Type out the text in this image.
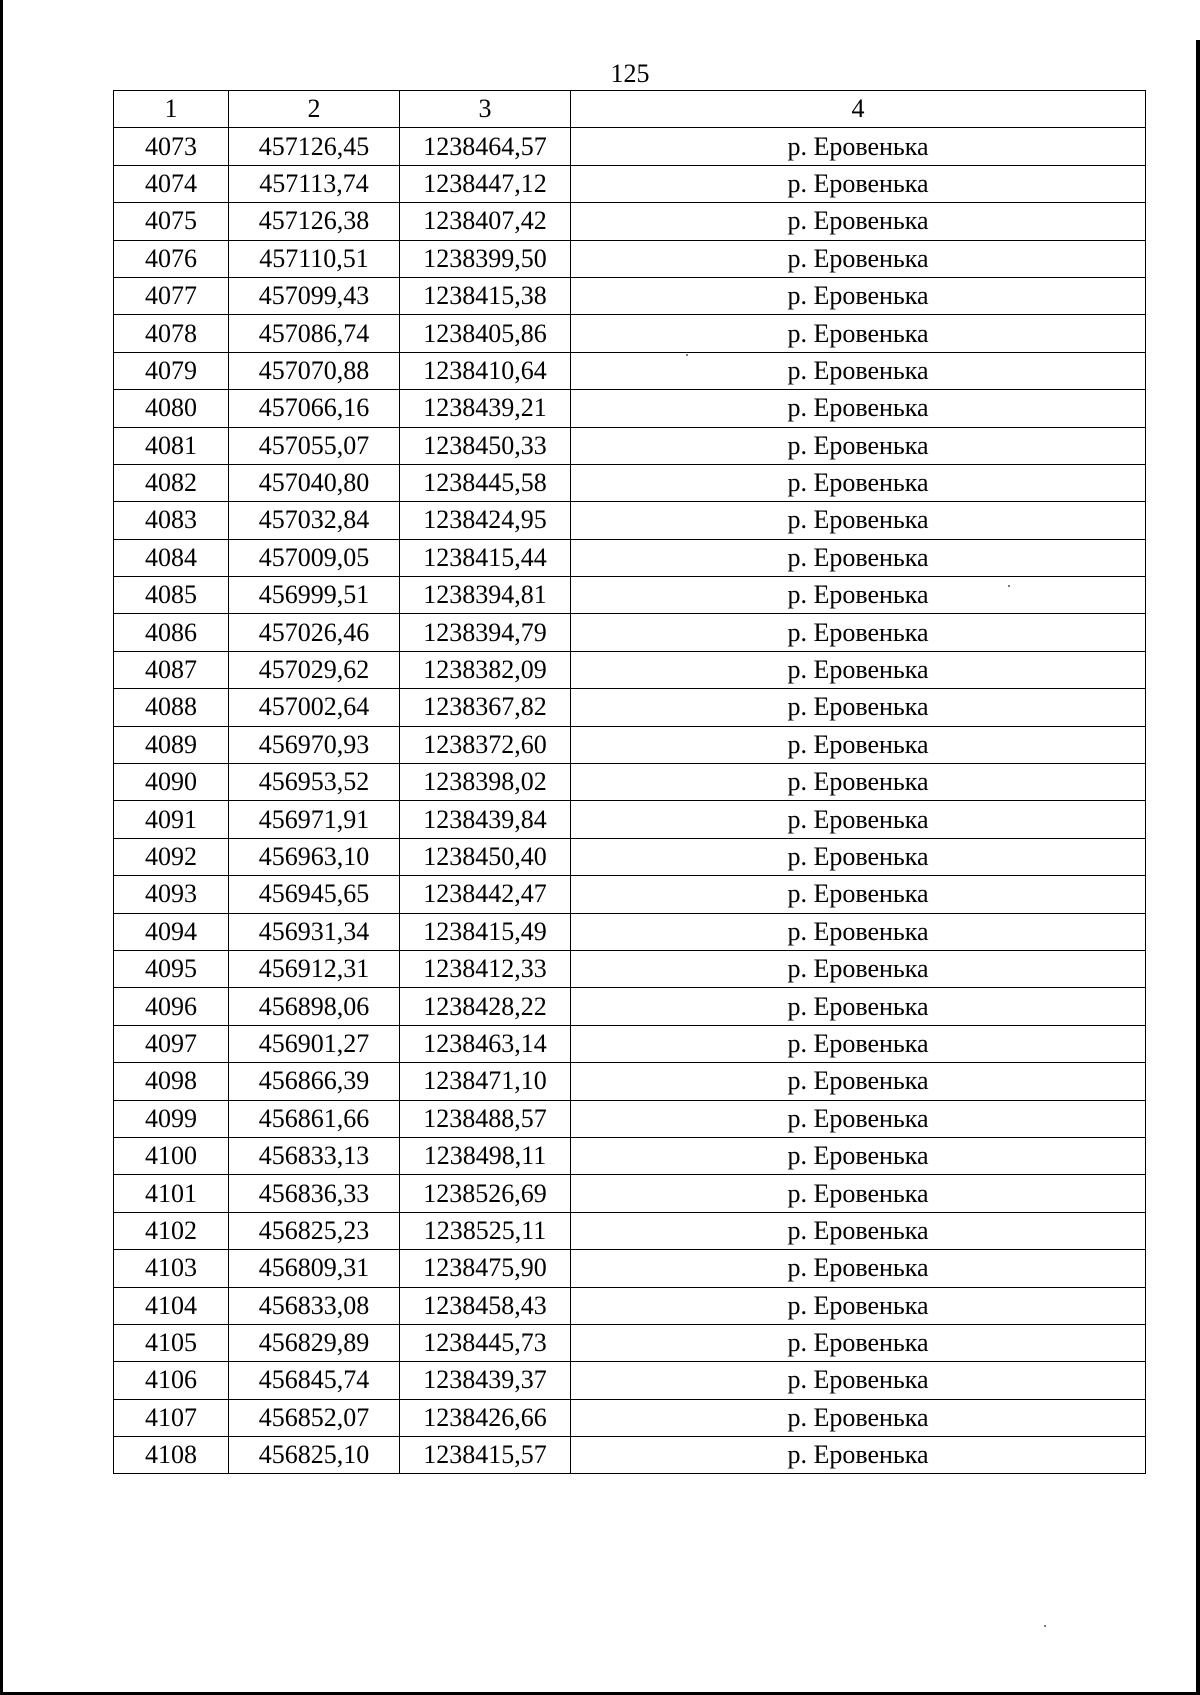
125
1	2	3	4
4073	457126,45	1238464,57	р. Еровенька
4074	457113,74	1238447,12	р. Еровенька
4075	457126,38	1238407,42	р. Еровенька
4076	457110,51	1238399,50	р. Еровенька
4077	457099,43	1238415,38	р. Еровенька
4078	457086,74	1238405,86	р. Еровенька
4079	457070,88	1238410,64	р. Еровенька
4080	457066,16	1238439,21	р. Еровенька
4081	457055,07	1238450,33	р. Еровенька
4082	457040,80	1238445,58	р. Еровенька
4083	457032,84	1238424,95	р. Еровенька
4084	457009,05	1238415,44	р. Еровенька
4085	456999,51	1238394,81	р. Еровенька
4086	457026,46	1238394,79	р. Еровенька
4087	457029,62	1238382,09	р. Еровенька
4088	457002,64	1238367,82	р. Еровенька
4089	456970,93	1238372,60	р. Еровенька
4090	456953,52	1238398,02	р. Еровенька
4091	456971,91	1238439,84	р. Еровенька
4092	456963,10	1238450,40	р. Еровенька
4093	456945,65	1238442,47	р. Еровенька
4094	456931,34	1238415,49	р. Еровенька
4095	456912,31	1238412,33	р. Еровенька
4096	456898,06	1238428,22	р. Еровенька
4097	456901,27	1238463,14	р. Еровенька
4098	456866,39	1238471,10	р. Еровенька
4099	456861,66	1238488,57	р. Еровенька
4100	456833,13	1238498,11	р. Еровенька
4101	456836,33	1238526,69	р. Еровенька
4102	456825,23	1238525,11	р. Еровенька
4103	456809,31	1238475,90	р. Еровенька
4104	456833,08	1238458,43	р. Еровенька
4105	456829,89	1238445,73	р. Еровенька
4106	456845,74	1238439,37	р. Еровенька
4107	456852,07	1238426,66	р. Еровенька
4108	456825,10	1238415,57	р. Еровенька
